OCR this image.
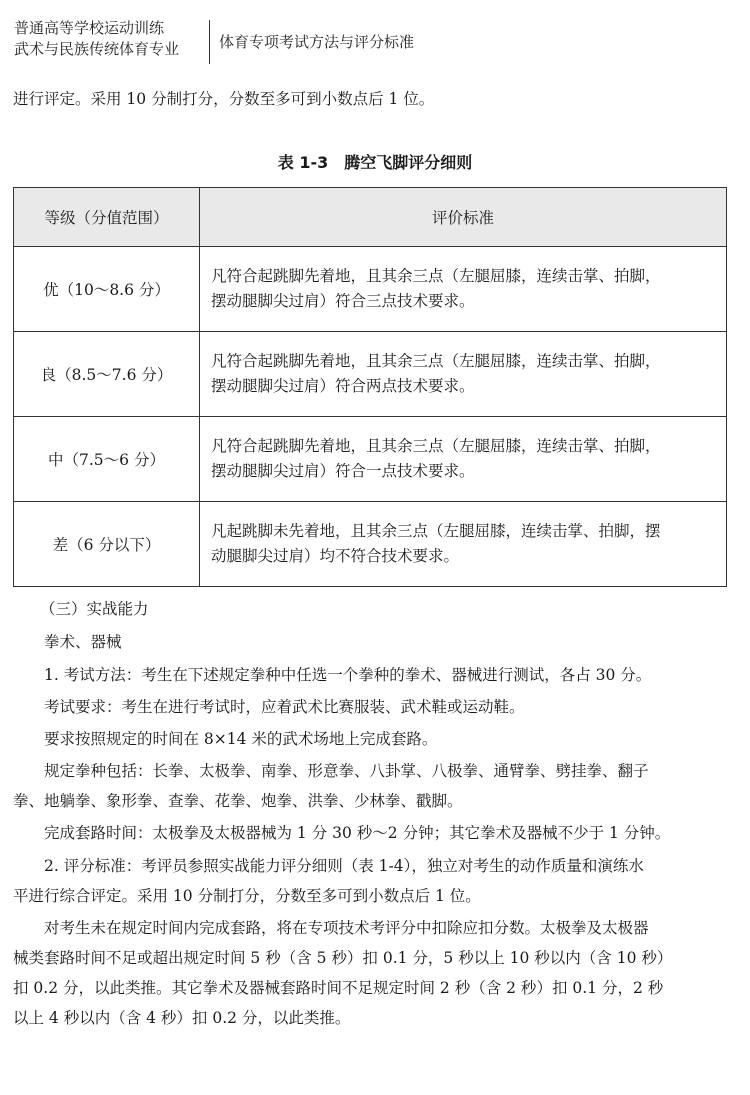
普通高等学校运动训练
武术与民族传统体育专业	体育专项考试方法与评分标准
进行评定。采用 10 分制打分，分数至多可到小数点后 1 位。
表 1-3　腾空飞脚评分细则
等级（分值范围）	评价标准
优（10～8.6 分）	凡符合起跳脚先着地，且其余三点（左腿屈膝，连续击掌、拍脚，
摆动腿脚尖过肩）符合三点技术要求。

良（8.5～7.6 分）	凡符合起跳脚先着地，且其余三点（左腿屈膝，连续击掌、拍脚，
摆动腿脚尖过肩）符合两点技术要求。

中（7.5～6 分）	凡符合起跳脚先着地，且其余三点（左腿屈膝，连续击掌、拍脚，
摆动腿脚尖过肩）符合一点技术要求。

差（6 分以下）	凡起跳脚未先着地，且其余三点（左腿屈膝，连续击掌、拍脚，摆
动腿脚尖过肩）均不符合技术要求。
（三）实战能力
拳术、器械
1. 考试方法：考生在下述规定拳种中任选一个拳种的拳术、器械进行测试，各占 30 分。
考试要求：考生在进行考试时，应着武术比赛服装、武术鞋或运动鞋。
要求按照规定的时间在 8×14 米的武术场地上完成套路。
规定拳种包括：长拳、太极拳、南拳、形意拳、八卦掌、八极拳、通臂拳、劈挂拳、翻子
拳、地躺拳、象形拳、查拳、花拳、炮拳、洪拳、少林拳、戳脚。
完成套路时间：太极拳及太极器械为 1 分 30 秒～2 分钟；其它拳术及器械不少于 1 分钟。
2. 评分标准：考评员参照实战能力评分细则（表 1-4），独立对考生的动作质量和演练水
平进行综合评定。采用 10 分制打分，分数至多可到小数点后 1 位。
对考生未在规定时间内完成套路，将在专项技术考评分中扣除应扣分数。太极拳及太极器
械类套路时间不足或超出规定时间 5 秒（含 5 秒）扣 0.1 分，5 秒以上 10 秒以内（含 10 秒）
扣 0.2 分，以此类推。其它拳术及器械套路时间不足规定时间 2 秒（含 2 秒）扣 0.1 分，2 秒
以上 4 秒以内（含 4 秒）扣 0.2 分，以此类推。
